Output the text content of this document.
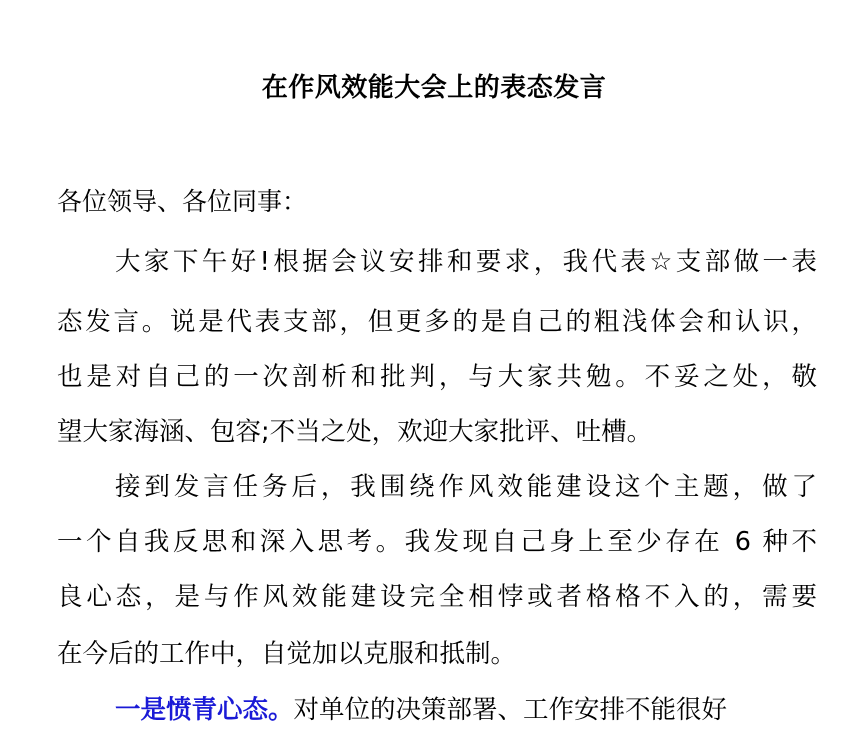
在作风效能大会上的表态发言
各位领导、各位同事：
大家下午好!根据会议安排和要求，我代表☆支部做一表
态发言。说是代表支部，但更多的是自己的粗浅体会和认识，
也是对自己的一次剖析和批判，与大家共勉。不妥之处，敬
望大家海涵、包容;不当之处，欢迎大家批评、吐槽。
接到发言任务后，我围绕作风效能建设这个主题，做了
一个自我反思和深入思考。我发现自己身上至少存在 6 种不
良心态，是与作风效能建设完全相悖或者格格不入的，需要
在今后的工作中，自觉加以克服和抵制。
一是愤青心态。对单位的决策部署、工作安排不能很好
